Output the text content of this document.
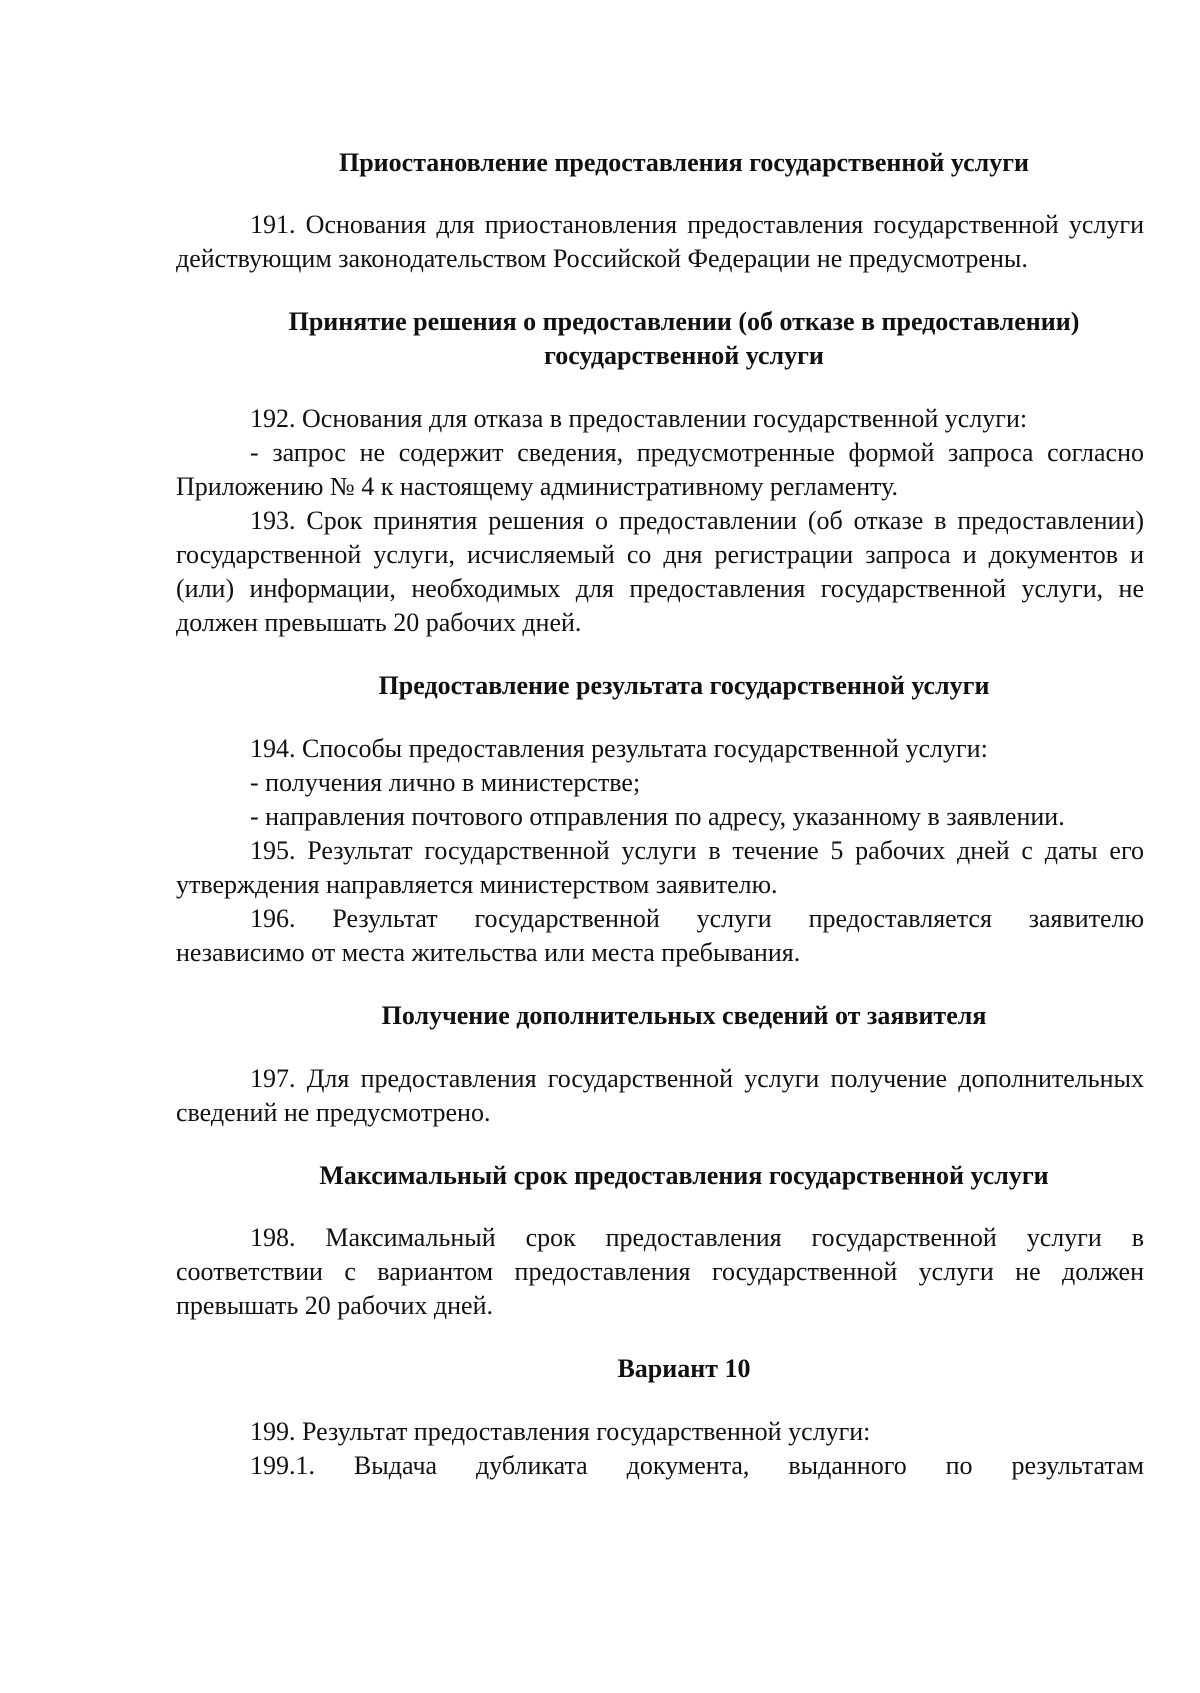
Приостановление предоставления государственной услуги
191. Основания для приостановления предоставления государственной услуги
действующим законодательством Российской Федерации не предусмотрены.
Принятие решения о предоставлении (об отказе в предоставлении)
государственной услуги
192. Основания для отказа в предоставлении государственной услуги:
- запрос не содержит сведения, предусмотренные формой запроса согласно
Приложению № 4 к настоящему административному регламенту.
193. Срок принятия решения о предоставлении (об отказе в предоставлении)
государственной услуги, исчисляемый со дня регистрации запроса и документов и
(или) информации, необходимых для предоставления государственной услуги, не
должен превышать 20 рабочих дней.
Предоставление результата государственной услуги
194. Способы предоставления результата государственной услуги:
- получения лично в министерстве;
- направления почтового отправления по адресу, указанному в заявлении.
195. Результат государственной услуги в течение 5 рабочих дней с даты его
утверждения направляется министерством заявителю.
196. Результат государственной услуги предоставляется заявителю
независимо от места жительства или места пребывания.
Получение дополнительных сведений от заявителя
197. Для предоставления государственной услуги получение дополнительных
сведений не предусмотрено.
Максимальный срок предоставления государственной услуги
198. Максимальный срок предоставления государственной услуги в
соответствии с вариантом предоставления государственной услуги не должен
превышать 20 рабочих дней.
Вариант 10
199. Результат предоставления государственной услуги:
199.1. Выдача дубликата документа, выданного по результатам
